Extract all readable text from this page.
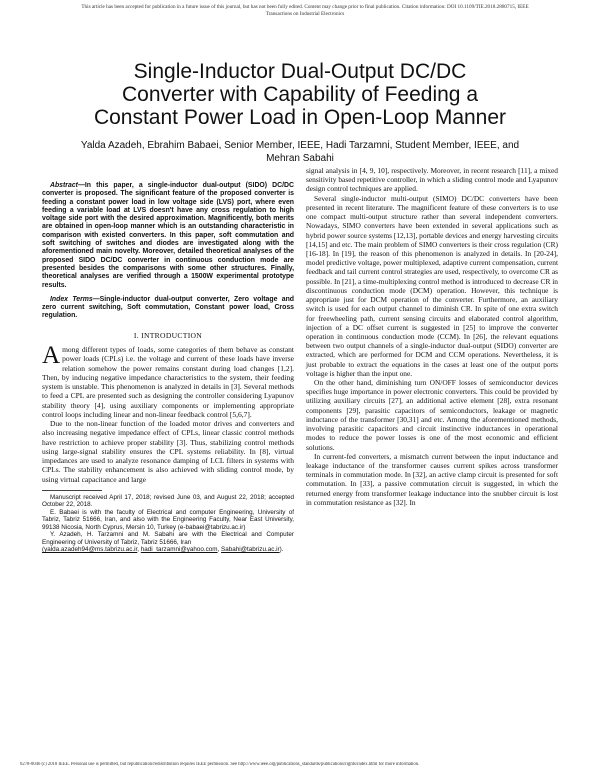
This article has been accepted for publication in a future issue of this journal, but has not been fully edited. Content may change prior to final publication. Citation information: DOI 10.1109/TIE.2018.2880715, IEEE
Transactions on Industrial Electronics
Single-Inductor Dual-Output DC/DC
Converter with Capability of Feeding a
Constant Power Load in Open-Loop Manner
Yalda Azadeh, Ebrahim Babaei, Senior Member, IEEE, Hadi Tarzamni, Student Member, IEEE, and
Mehran Sabahi

Abstract—In this paper, a single-inductor dual-output (SIDO) DC/DC converter is proposed. The significant feature of the proposed converter is feeding a constant power load in low voltage side (LVS) port, where even feeding a variable load at LVS doesn't have any cross regulation to high voltage side port with the desired approximation. Magnificently, both merits are obtained in open-loop manner which is an outstanding characteristic in comparison with existed converters. In this paper, soft commutation and soft switching of switches and diodes are investigated along with the aforementioned main novelty. Moreover, detailed theoretical analyses of the proposed SIDO DC/DC converter in continuous conduction mode are presented besides the comparisons with some other structures. Finally, theoretical analyses are verified through a 1500W experimental prototype results.

Index Terms—Single-inductor dual-output converter, Zero voltage and zero current switching, Soft commutation, Constant power load, Cross regulation.

I. INTRODUCTION

Among different types of loads, some categories of them behave as constant power loads (CPLs) i.e. the voltage and current of these loads have inverse relation somehow the power remains constant during load changes [1,2]. Then, by inducing negative impedance characteristics to the system, their feeding system is unstable. This phenomenon is analyzed in details in [3]. Several methods to feed a CPL are presented such as designing the controller considering Lyapunov stability theory [4], using auxiliary components or implementing appropriate control loops including linear and non-linear feedback control [5,6,7].

Due to the non-linear function of the loaded motor drives and converters and also increasing negative impedance effect of CPLs, linear classic control methods have restriction to achieve proper stability [3]. Thus, stabilizing control methods using large-signal stability ensures the CPL systems reliability. In [8], virtual impedances are used to analyze resonance damping of LCL filters in systems with CPLs. The stability enhancement is also achieved with sliding control mode, by using virtual capacitance and large

Manuscript received April 17, 2018; revised June 03, and August 22, 2018; accepted October 22, 2018.

E. Babaei is with the faculty of Electrical and computer Engineering, University of Tabriz, Tabriz 51666, Iran, and also with the Engineering Faculty, Near East University, 99138 Nicosia, North Cyprus, Mersin 10, Turkey (e-babaei@tabrizu.ac.ir)

Y. Azadeh, H. Tarzamni and M. Sabahi are with the Electrical and Computer Engineering of University of Tabriz, Tabriz 51666, Iran

(yalda.azadeh94@ms.tabrizu.ac.ir, hadi_tarzamni@yahoo.com, Sabahi@tabrizu.ac.ir).

signal analysis in [4, 9, 10], respectively. Moreover, in recent research [11], a mixed sensitivity based repetitive controller, in which a sliding control mode and Lyapunov design control techniques are applied.

Several single-inductor multi-output (SIMO) DC/DC converters have been presented in recent literature. The magnificent feature of these converters is to use one compact multi-output structure rather than several independent converters. Nowadays, SIMO converters have been extended in several applications such as hybrid power source systems [12,13], portable devices and energy harvesting circuits [14,15] and etc. The main problem of SIMO converters is their cross regulation (CR) [16-18]. In [19], the reason of this phenomenon is analyzed in details. In [20-24], model predictive voltage, power multiplexed, adaptive current compensation, current feedback and tail current control strategies are used, respectively, to overcome CR as possible. In [21], a time-multiplexing control method is introduced to decrease CR in discontinuous conduction mode (DCM) operation. However, this technique is appropriate just for DCM operation of the converter. Furthermore, an auxiliary switch is used for each output channel to diminish CR. In spite of one extra switch for freewheeling path, current sensing circuits and elaborated control algorithm, injection of a DC offset current is suggested in [25] to improve the converter operation in continuous conduction mode (CCM). In [26], the relevant equations between two output channels of a single-inductor dual-output (SIDO) converter are extracted, which are performed for DCM and CCM operations. Nevertheless, it is just probable to extract the equations in the cases at least one of the output ports voltage is higher than the input one.

On the other hand, diminishing turn ON/OFF losses of semiconductor devices specifies huge importance in power electronic converters. This could be provided by utilizing auxiliary circuits [27], an additional active element [28], extra resonant components [29], parasitic capacitors of semiconductors, leakage or magnetic inductance of the transformer [30,31] and etc. Among the aforementioned methods, involving parasitic capacitors and circuit instinctive inductances in operational modes to reduce the power losses is one of the most economic and efficient solutions.

In current-fed converters, a mismatch current between the input inductance and leakage inductance of the transformer causes current spikes across transformer terminals in commutation mode. In [32], an active clamp circuit is presented for soft commutation. In [33], a passive commutation circuit is suggested, in which the returned energy from transformer leakage inductance into the snubber circuit is lost in commutation resistance as [32]. In

0278-0046 (c) 2018 IEEE. Personal use is permitted, but republication/redistribution requires IEEE permission. See http://www.ieee.org/publications_standards/publications/rights/index.html for more information.
